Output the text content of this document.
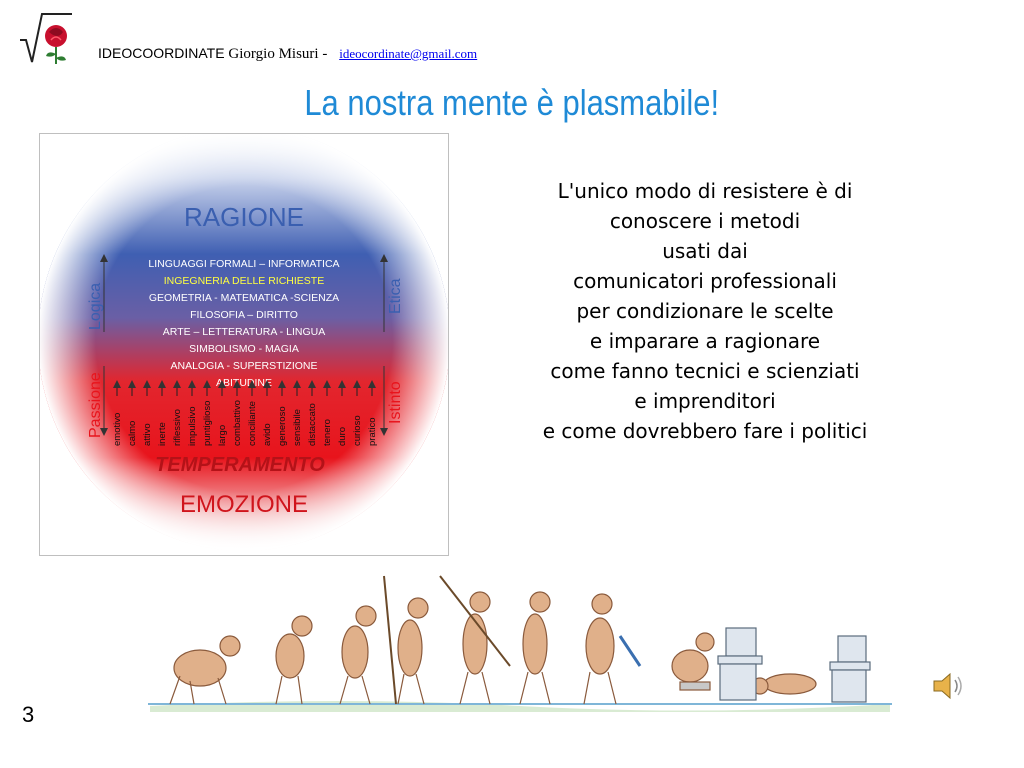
IDEOCOORDINATE Giorgio Misuri - ideocordinate@gmail.com
La nostra mente è plasmabile!
RAGIONE
LINGUAGGI FORMALI – INFORMATICA
INGEGNERIA DELLE RICHIESTE
GEOMETRIA - MATEMATICA -SCIENZA
FILOSOFIA – DIRITTO
ARTE – LETTERATURA - LINGUA
SIMBOLISMO - MAGIA
ANALOGIA - SUPERSTIZIONE
ABITUDINE
Logica
Passione
Etica
Istinto
emotivo calmo attivo inerte riflessivo impulsivo puntiglioso largo combattivo conciliante avido generoso sensibile distaccato tenero duro curioso pratico
TEMPERAMENTO
EMOZIONE
L'unico modo di resistere è di
conoscere i metodi
usati dai
comunicatori professionali
per condizionare le scelte
e imparare a ragionare
come fanno tecnici e scienziati
e imprenditori
e come dovrebbero fare i politici
3
